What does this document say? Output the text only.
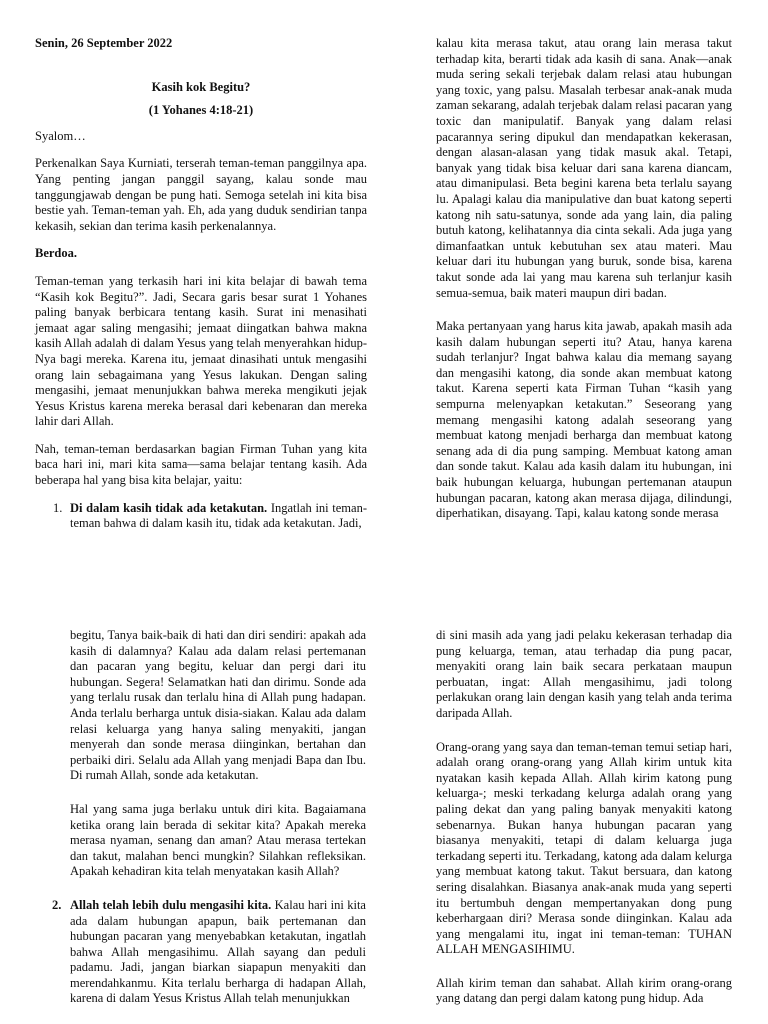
Senin, 26 September 2022

Kasih kok Begitu?

(1 Yohanes 4:18-21)

Syalom…

Perkenalkan Saya Kurniati, terserah teman-teman panggilnya apa. Yang penting jangan panggil sayang, kalau sonde mau tanggungjawab dengan be pung hati. Semoga setelah ini kita bisa bestie yah. Teman-teman yah. Eh, ada yang duduk sendirian tanpa kekasih, sekian dan terima kasih perkenalannya.

Berdoa.

Teman-teman yang terkasih hari ini kita belajar di bawah tema “Kasih kok Begitu?”. Jadi, Secara garis besar surat 1 Yohanes paling banyak berbicara tentang kasih. Surat ini menasihati jemaat agar saling mengasihi; jemaat diingatkan bahwa makna kasih Allah adalah di dalam Yesus yang telah menyerahkan hidup-Nya bagi mereka. Karena itu, jemaat dinasihati untuk mengasihi orang lain sebagaimana yang Yesus lakukan. Dengan saling mengasihi, jemaat menunjukkan bahwa mereka mengikuti jejak Yesus Kristus karena mereka berasal dari kebenaran dan mereka lahir dari Allah.

Nah, teman-teman berdasarkan bagian Firman Tuhan yang kita baca hari ini, mari kita sama—sama belajar tentang kasih. Ada beberapa hal yang bisa kita belajar, yaitu:

1. Di dalam kasih tidak ada ketakutan. Ingatlah ini teman-teman bahwa di dalam kasih itu, tidak ada ketakutan. Jadi,

kalau kita merasa takut, atau orang lain merasa takut terhadap kita, berarti tidak ada kasih di sana. Anak—anak muda sering sekali terjebak dalam relasi atau hubungan yang toxic, yang palsu. Masalah terbesar anak-anak muda zaman sekarang, adalah terjebak dalam relasi pacaran yang toxic dan manipulatif. Banyak yang dalam relasi pacarannya sering dipukul dan mendapatkan kekerasan, dengan alasan-alasan yang tidak masuk akal. Tetapi, banyak yang tidak bisa keluar dari sana karena diancam, atau dimanipulasi. Beta begini karena beta terlalu sayang lu. Apalagi kalau dia manipulative dan buat katong seperti katong nih satu-satunya, sonde ada yang lain, dia paling butuh katong, kelihatannya dia cinta sekali. Ada juga yang dimanfaatkan untuk kebutuhan sex atau materi. Mau keluar dari itu hubungan yang buruk, sonde bisa, karena takut sonde ada lai yang mau karena suh terlanjur kasih semua-semua, baik materi maupun diri badan.

Maka pertanyaan yang harus kita jawab, apakah masih ada kasih dalam hubungan seperti itu? Atau, hanya karena sudah terlanjur? Ingat bahwa kalau dia memang sayang dan mengasihi katong, dia sonde akan membuat katong takut. Karena seperti kata Firman Tuhan “kasih yang sempurna melenyapkan ketakutan.” Seseorang yang memang mengasihi katong adalah seseorang yang membuat katong menjadi berharga dan membuat katong senang ada di dia pung samping. Membuat katong aman dan sonde takut. Kalau ada kasih dalam itu hubungan, ini baik hubungan keluarga, hubungan pertemanan ataupun hubungan pacaran, katong akan merasa dijaga, dilindungi, diperhatikan, disayang. Tapi, kalau katong sonde merasa

begitu, Tanya baik-baik di hati dan diri sendiri: apakah ada kasih di dalamnya? Kalau ada dalam relasi pertemanan dan pacaran yang begitu, keluar dan pergi dari itu hubungan. Segera! Selamatkan hati dan dirimu. Sonde ada yang terlalu rusak dan terlalu hina di Allah pung hadapan. Anda terlalu berharga untuk disia-siakan. Kalau ada dalam relasi keluarga yang hanya saling menyakiti, jangan menyerah dan sonde merasa diinginkan, bertahan dan perbaiki diri. Selalu ada Allah yang menjadi Bapa dan Ibu. Di rumah Allah, sonde ada ketakutan.

Hal yang sama juga berlaku untuk diri kita. Bagaiamana ketika orang lain berada di sekitar kita? Apakah mereka merasa nyaman, senang dan aman? Atau merasa tertekan dan takut, malahan benci mungkin? Silahkan refleksikan. Apakah kehadiran kita telah menyatakan kasih Allah?

2. Allah telah lebih dulu mengasihi kita. Kalau hari ini kita ada dalam hubungan apapun, baik pertemanan dan hubungan pacaran yang menyebabkan ketakutan, ingatlah bahwa Allah mengasihimu. Allah sayang dan peduli padamu. Jadi, jangan biarkan siapapun menyakiti dan merendahkanmu. Kita terlalu berharga di hadapan Allah, karena di dalam Yesus Kristus Allah telah menunjukkan

di sini masih ada yang jadi pelaku kekerasan terhadap dia pung keluarga, teman, atau terhadap dia pung pacar, menyakiti orang lain baik secara perkataan maupun perbuatan, ingat: Allah mengasihimu, jadi tolong perlakukan orang lain dengan kasih yang telah anda terima daripada Allah.

Orang-orang yang saya dan teman-teman temui setiap hari, adalah orang orang-orang yang Allah kirim untuk kita nyatakan kasih kepada Allah. Allah kirim katong pung keluarga-; meski terkadang kelurga adalah orang yang paling dekat dan yang paling banyak menyakiti katong sebenarnya. Bukan hanya hubungan pacaran yang biasanya menyakiti, tetapi di dalam keluarga juga terkadang seperti itu. Terkadang, katong ada dalam kelurga yang membuat katong takut. Takut bersuara, dan katong sering disalahkan. Biasanya anak-anak muda yang seperti itu bertumbuh dengan mempertanyakan dong pung keberhargaan diri? Merasa sonde diinginkan. Kalau ada yang mengalami itu, ingat ini teman-teman: TUHAN ALLAH MENGASIHIMU.

Allah kirim teman dan sahabat. Allah kirim orang-orang yang datang dan pergi dalam katong pung hidup. Ada
